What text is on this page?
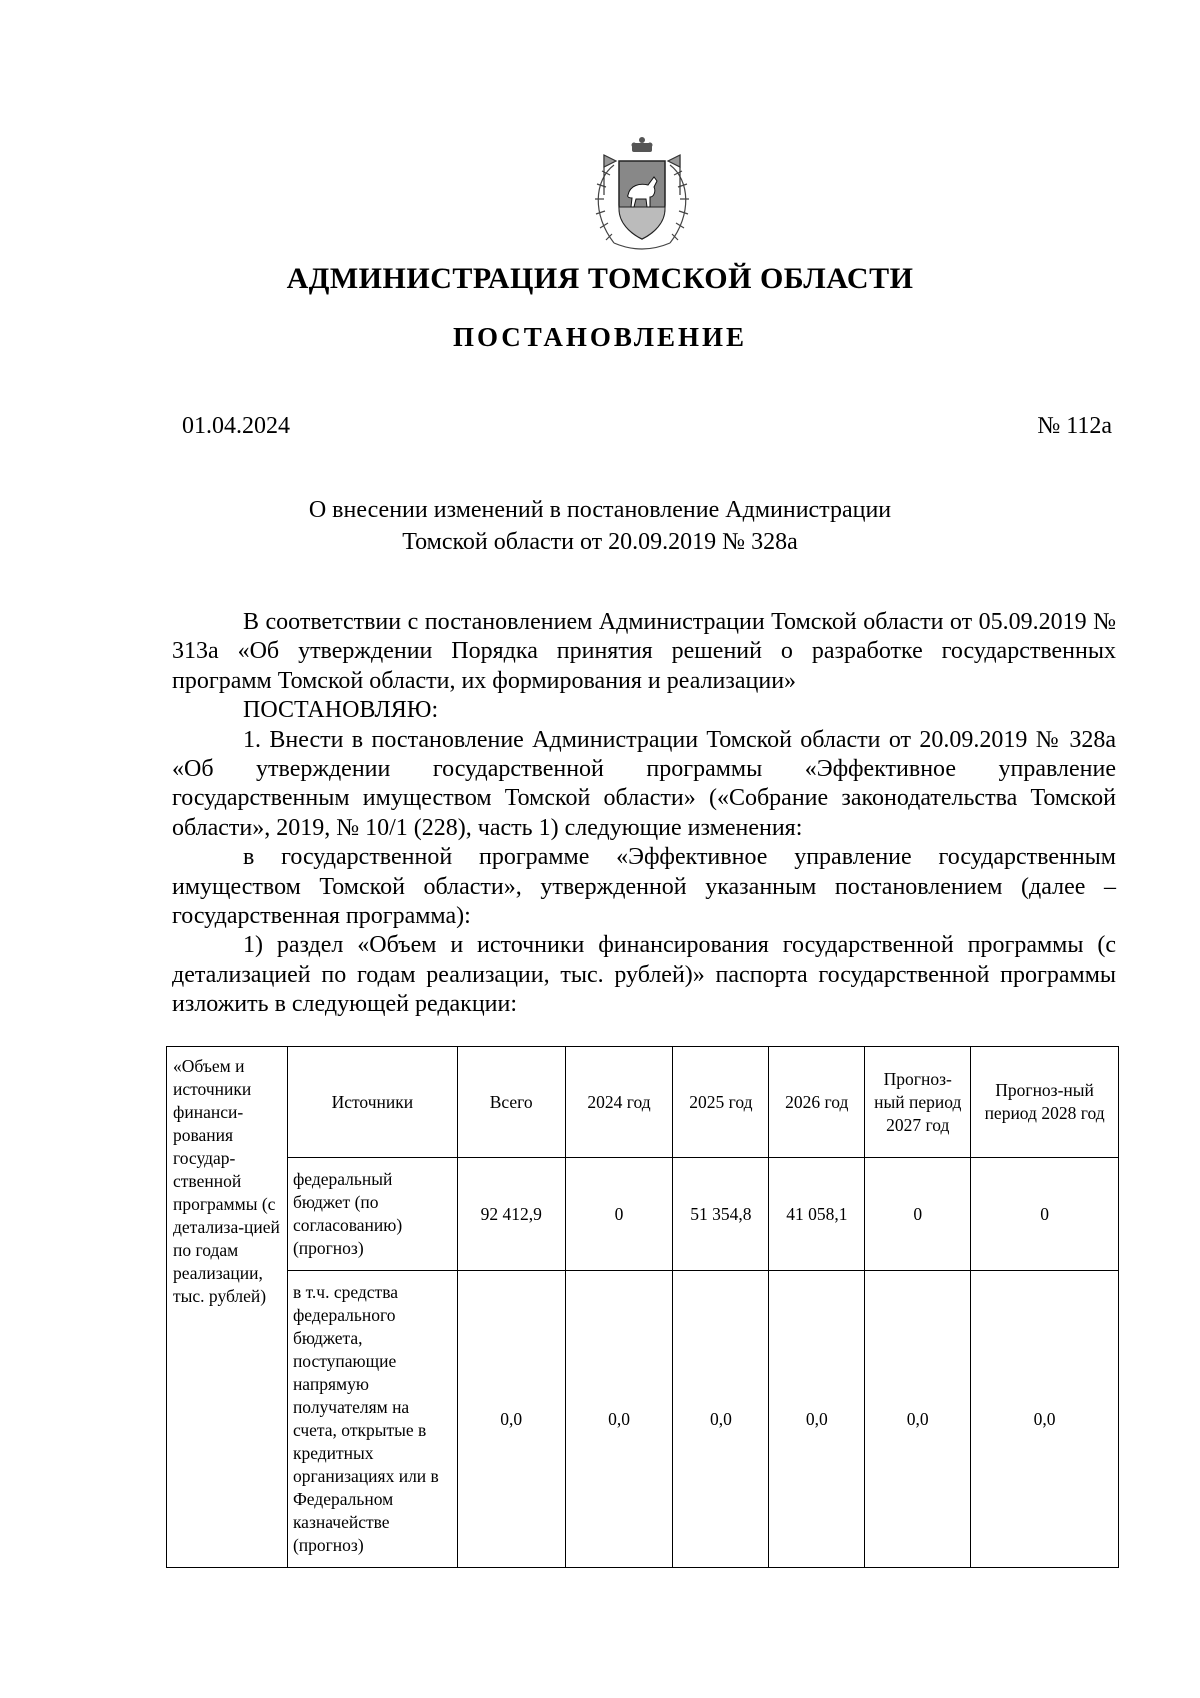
АДМИНИСТРАЦИЯ ТОМСКОЙ ОБЛАСТИ
ПОСТАНОВЛЕНИЕ
01.04.2024	№ 112а
О внесении изменений в постановление Администрации
Томской области от 20.09.2019 № 328а

В соответствии с постановлением Администрации Томской области от 05.09.2019 № 313а «Об утверждении Порядка принятия решений о разработке государственных программ Томской области, их формирования и реализации»

ПОСТАНОВЛЯЮ:

1. Внести в постановление Администрации Томской области от 20.09.2019 № 328а «Об утверждении государственной программы «Эффективное управление государственным имуществом Томской области» («Собрание законодательства Томской области», 2019, № 10/1 (228), часть 1) следующие изменения:

в государственной программе «Эффективное управление государственным имуществом Томской области», утвержденной указанным постановлением (далее – государственная программа):

1) раздел «Объем и источники финансирования государственной программы (с детализацией по годам реализации, тыс. рублей)» паспорта государственной программы изложить в следующей редакции:

«Объем и источники финанси-рования государ-ственной программы (с детализа-цией по годам реализации, тыс. рублей)	Источники	Всего	2024 год	2025 год	2026 год	Прогноз-ный период 2027 год	Прогноз-ный период 2028 год
	федеральный бюджет (по согласованию) (прогноз)	92 412,9	0	51 354,8	41 058,1	0	0
	в т.ч. средства федерального бюджета, поступающие напрямую получателям на счета, открытые в кредитных организациях или в Федеральном казначействе (прогноз)	0,0	0,0	0,0	0,0	0,0	0,0
